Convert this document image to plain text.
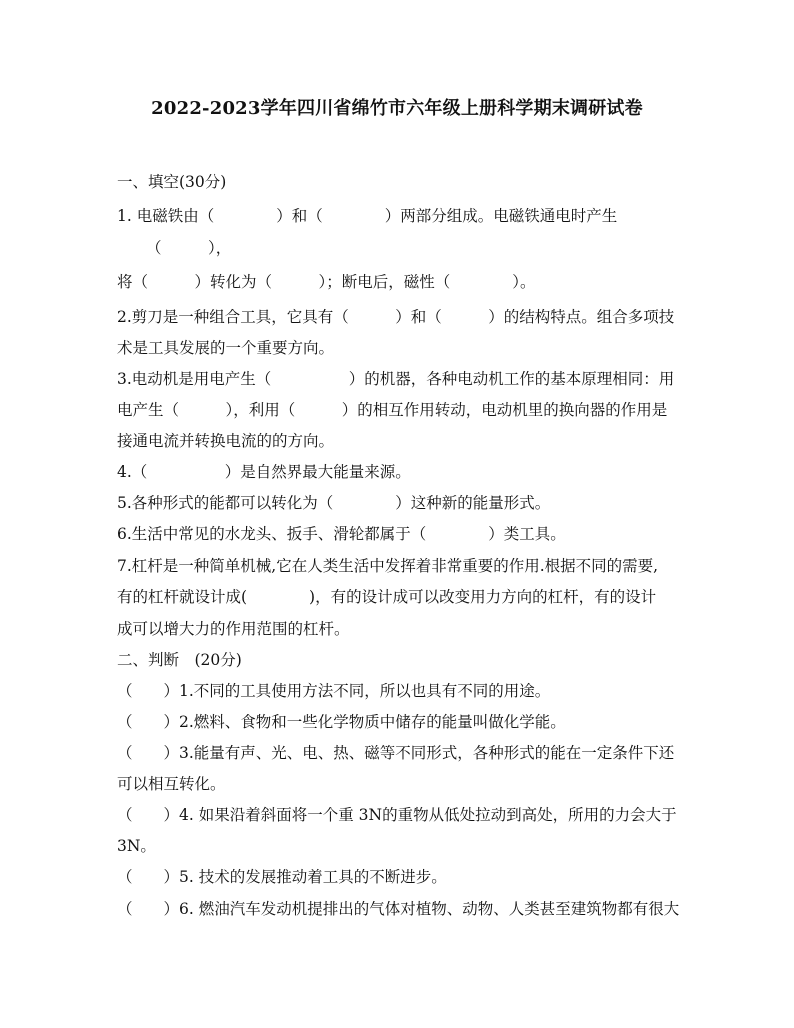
2022-2023学年四川省绵竹市六年级上册科学期末调研试卷
一、填空(30分)
1. 电磁铁由（　　　　）和（　　　　）两部分组成。电磁铁通电时产生
（　　　），
将（　　　）转化为（　　　）；断电后，磁性（　　　　）。
2.剪刀是一种组合工具，它具有（　　　）和（　　　）的结构特点。组合多项技
术是工具发展的一个重要方向。
3.电动机是用电产生（　　　　　）的机器，各种电动机工作的基本原理相同：用
电产生（　　　），利用（　　　）的相互作用转动，电动机里的换向器的作用是
接通电流并转换电流的的方向。
4.（　　　　　）是自然界最大能量来源。
5.各种形式的能都可以转化为（　　　　）这种新的能量形式。
6.生活中常见的水龙头、扳手、滑轮都属于（　　　　）类工具。
7.杠杆是一种简单机械,它在人类生活中发挥着非常重要的作用.根据不同的需要,
有的杠杆就设计成(　　　　)，有的设计成可以改变用力方向的杠杆，有的设计
成可以增大力的作用范围的杠杆。
二、判断　(20分)
（　　）1.不同的工具使用方法不同，所以也具有不同的用途。
（　　）2.燃料、食物和一些化学物质中储存的能量叫做化学能。
（　　）3.能量有声、光、电、热、磁等不同形式，各种形式的能在一定条件下还
可以相互转化。
（　　）4. 如果沿着斜面将一个重 3N的重物从低处拉动到高处，所用的力会大于
3N。
（　　）5. 技术的发展推动着工具的不断进步。
（　　）6. 燃油汽车发动机提排出的气体对植物、动物、人类甚至建筑物都有很大
